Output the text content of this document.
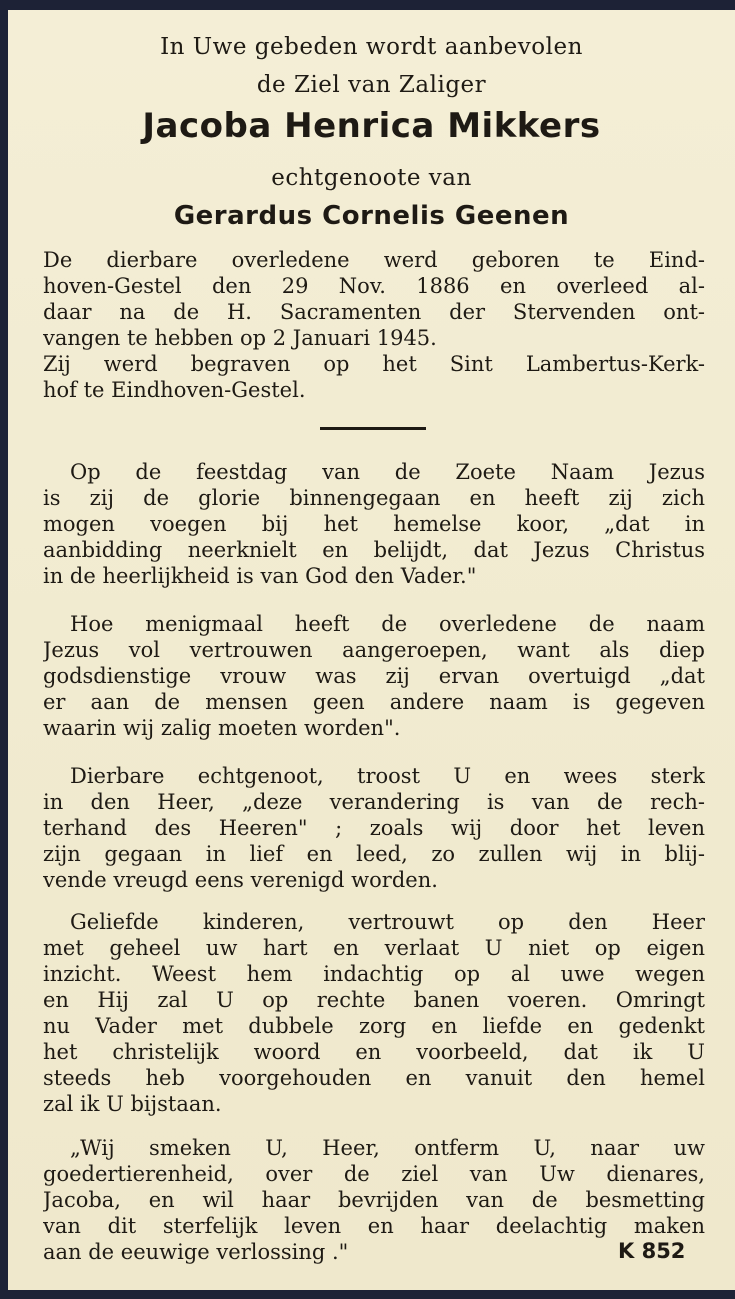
In Uwe gebeden wordt aanbevolen
de Ziel van Zaliger
Jacoba Henrica Mikkers
echtgenoote van
Gerardus Cornelis Geenen
De dierbare overledene werd geboren te Eind-
hoven-Gestel den 29 Nov. 1886 en overleed al-
daar na de H. Sacramenten der Stervenden ont-
vangen te hebben op 2 Januari 1945.
Zij werd begraven op het Sint Lambertus-Kerk-
hof te Eindhoven-Gestel.
Op de feestdag van de Zoete Naam Jezus
is zij de glorie binnengegaan en heeft zij zich
mogen voegen bij het hemelse koor, „dat in
aanbidding neerknielt en belijdt, dat Jezus Christus
in de heerlijkheid is van God den Vader."
Hoe menigmaal heeft de overledene de naam
Jezus vol vertrouwen aangeroepen, want als diep
godsdienstige vrouw was zij ervan overtuigd „dat
er aan de mensen geen andere naam is gegeven
waarin wij zalig moeten worden".
Dierbare echtgenoot, troost U en wees sterk
in den Heer, „deze verandering is van de rech-
terhand des Heeren" ; zoals wij door het leven
zijn gegaan in lief en leed, zo zullen wij in blij-
vende vreugd eens verenigd worden.
Geliefde kinderen, vertrouwt op den Heer
met geheel uw hart en verlaat U niet op eigen
inzicht. Weest hem indachtig op al uwe wegen
en Hij zal U op rechte banen voeren. Omringt
nu Vader met dubbele zorg en liefde en gedenkt
het christelijk woord en voorbeeld, dat ik U
steeds heb voorgehouden en vanuit den hemel
zal ik U bijstaan.
„Wij smeken U, Heer, ontferm U, naar uw
goedertierenheid, over de ziel van Uw dienares,
Jacoba, en wil haar bevrijden van de besmetting
van dit sterfelijk leven en haar deelachtig maken
aan de eeuwige verlossing ."	K 852
